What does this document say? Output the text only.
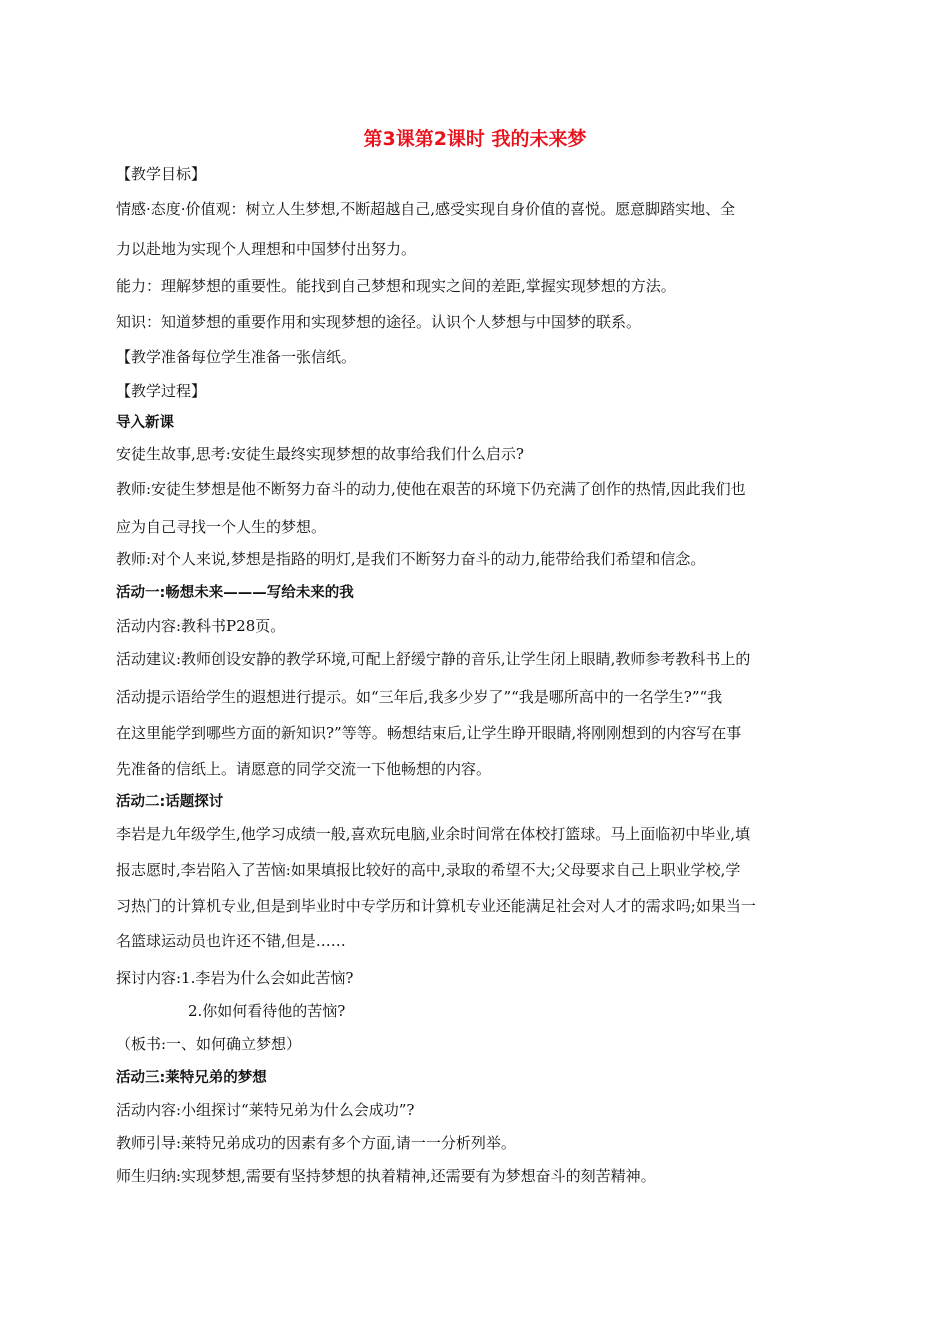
第3课第2课时 我的未来梦
【教学目标】
情感·态度·价值观：树立人生梦想,不断超越自己,感受实现自身价值的喜悦。愿意脚踏实地、全
力以赴地为实现个人理想和中国梦付出努力。
能力：理解梦想的重要性。能找到自己梦想和现实之间的差距,掌握实现梦想的方法。
知识：知道梦想的重要作用和实现梦想的途径。认识个人梦想与中国梦的联系。
【教学准备每位学生准备一张信纸。
【教学过程】
导入新课
安徒生故事,思考:安徒生最终实现梦想的故事给我们什么启示?
教师:安徒生梦想是他不断努力奋斗的动力,使他在艰苦的环境下仍充满了创作的热情,因此我们也
应为自己寻找一个人生的梦想。
教师:对个人来说,梦想是指路的明灯,是我们不断努力奋斗的动力,能带给我们希望和信念。
活动一:畅想未来———写给未来的我
活动内容:教科书P28页。
活动建议:教师创设安静的教学环境,可配上舒缓宁静的音乐,让学生闭上眼睛,教师参考教科书上的
活动提示语给学生的遐想进行提示。如“三年后,我多少岁了”“我是哪所高中的一名学生?”“我
在这里能学到哪些方面的新知识?”等等。畅想结束后,让学生睁开眼睛,将刚刚想到的内容写在事
先准备的信纸上。请愿意的同学交流一下他畅想的内容。
活动二:话题探讨
李岩是九年级学生,他学习成绩一般,喜欢玩电脑,业余时间常在体校打篮球。马上面临初中毕业,填
报志愿时,李岩陷入了苦恼:如果填报比较好的高中,录取的希望不大;父母要求自己上职业学校,学
习热门的计算机专业,但是到毕业时中专学历和计算机专业还能满足社会对人才的需求吗;如果当一
名篮球运动员也许还不错,但是……
探讨内容:1.李岩为什么会如此苦恼?
2.你如何看待他的苦恼?
（板书:一、如何确立梦想）
活动三:莱特兄弟的梦想
活动内容:小组探讨“莱特兄弟为什么会成功”?
教师引导:莱特兄弟成功的因素有多个方面,请一一分析列举。
师生归纳:实现梦想,需要有坚持梦想的执着精神,还需要有为梦想奋斗的刻苦精神。
